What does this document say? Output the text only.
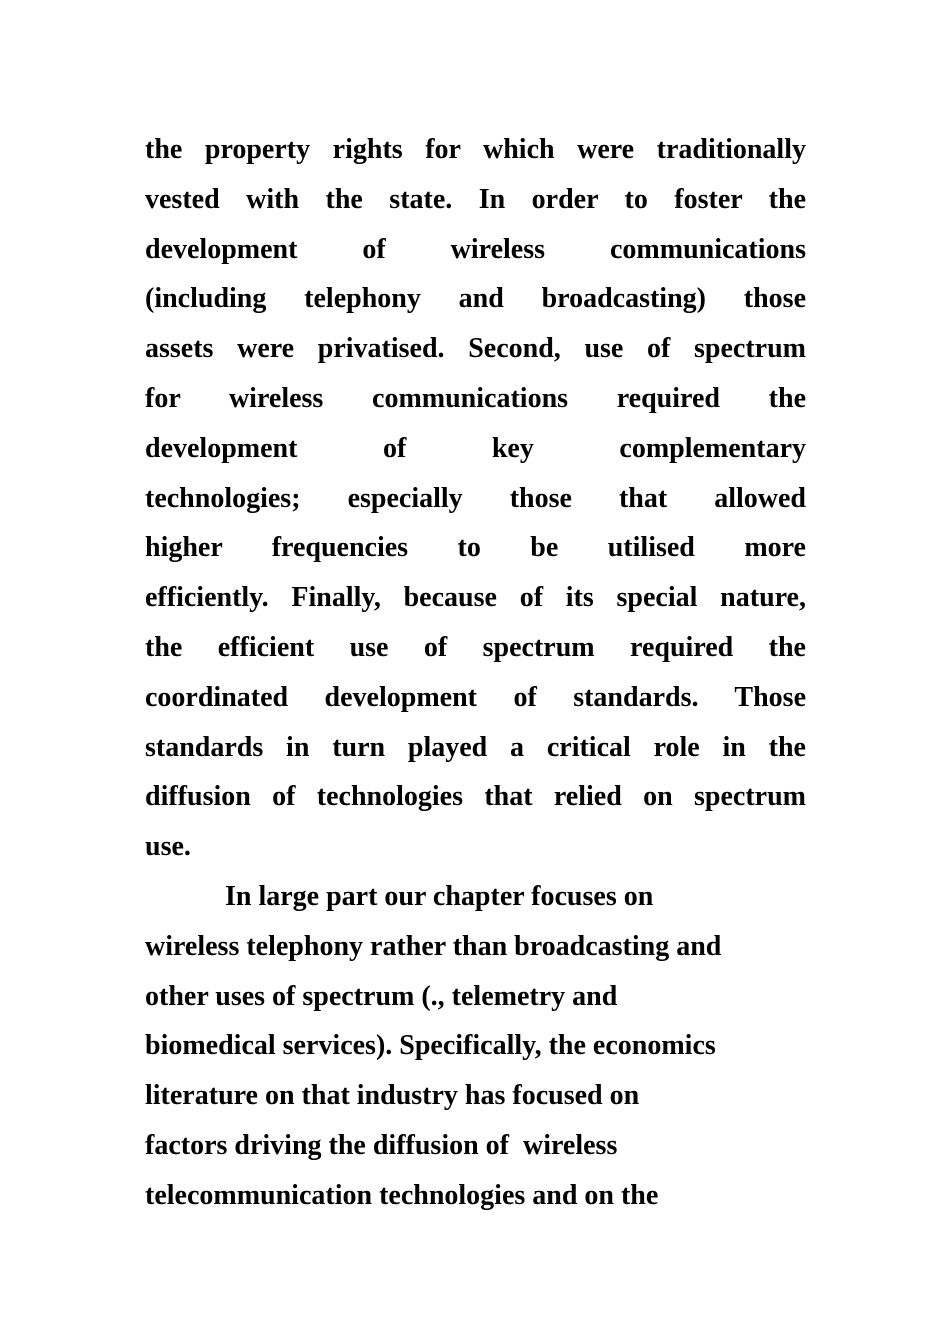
the property rights for which were traditionally
vested with the state. In order to foster the
development of wireless communications
(including telephony and broadcasting) those
assets were privatised. Second, use of spectrum
for wireless communications required the
development of key complementary
technologies; especially those that allowed
higher frequencies to be utilised more
efficiently. Finally, because of its special nature,
the efficient use of spectrum required the
coordinated development of standards. Those
standards in turn played a critical role in the
diffusion of technologies that relied on spectrum
use.
In large part our chapter focuses on
wireless telephony rather than broadcasting and
other uses of spectrum (., telemetry and
biomedical services). Specifically, the economics
literature on that industry has focused on
factors driving the diffusion of  wireless
telecommunication technologies and on the
